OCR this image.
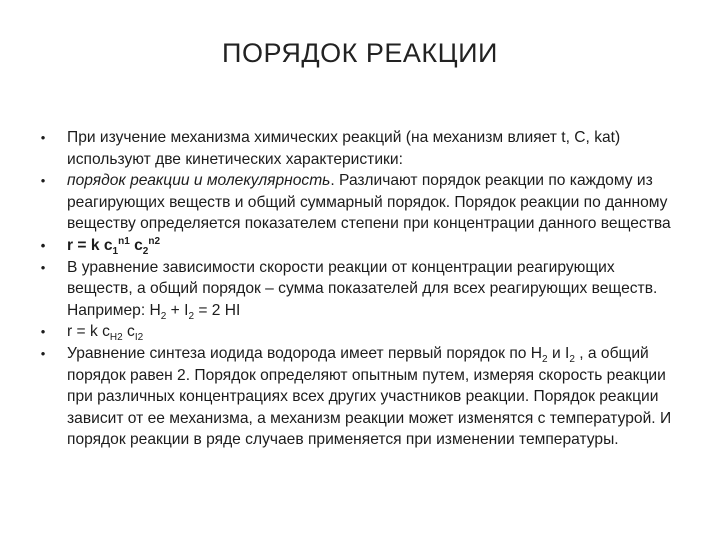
ПОРЯДОК РЕАКЦИИ
•	При изучение механизма химических реакций (на механизм влияет t, C, kat) используют две кинетических характеристики:
•	порядок реакции и молекулярность. Различают порядок реакции по каждому из реагирующих веществ и общий суммарный порядок. Порядок реакции по данному веществу определяется показателем степени при концентрации данного вещества
•	r = k $c_1^{n1}$ $c_2^{n2}$
•	В уравнение зависимости скорости реакции от концентрации реагирующих веществ, а общий порядок – сумма показателей для всех реагирующих веществ. Например: $H_2 + I_2 = 2$ HI
•	r = k $c_{H2}$ $c_{I2}$
•	Уравнение синтеза иодида водорода имеет первый порядок по $H_2$ и $I_2$ , а общий порядок равен 2. Порядок определяют опытным путем, измеряя скорость реакции при различных концентрациях всех других участников реакции. Порядок реакции зависит от ее механизма, а механизм реакции может изменятся с температурой. И порядок реакции в ряде случаев применяется при изменении температуры.
